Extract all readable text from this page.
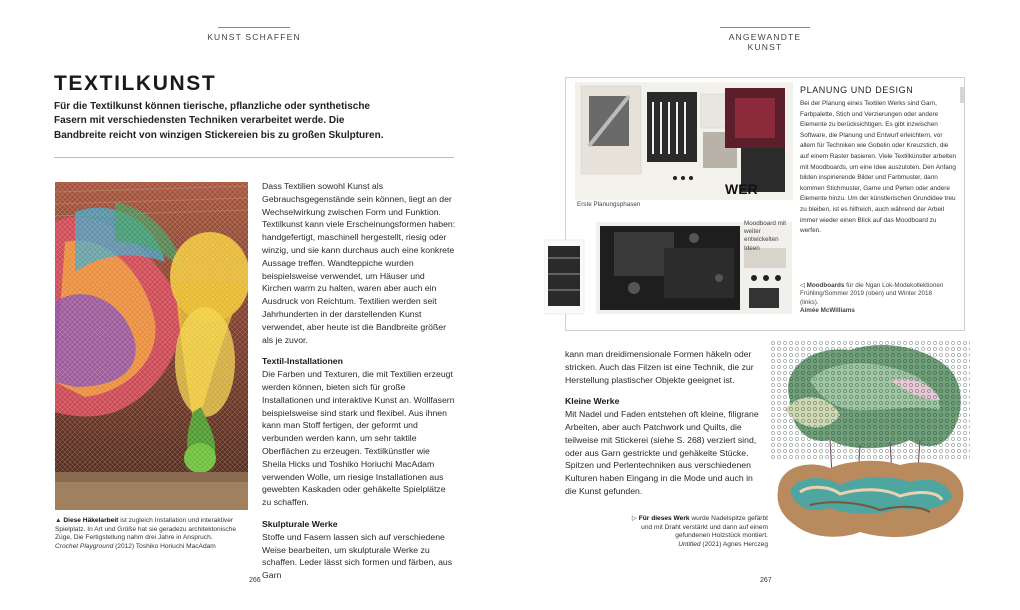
KUNST SCHAFFEN
TEXTILKUNST
Für die Textilkunst können tierische, pflanzliche oder synthetische Fasern mit verschiedensten Techniken verarbeitet werde. Die Bandbreite reicht von winzigen Stickereien bis zu großen Skulpturen.
▲ Diese Häkelarbeit ist zugleich Installation und interaktiver Spielplatz. In Art und Größe hat sie geradezu architektonische Züge, Die Fertigstellung nahm drei Jahre in Anspruch.
Crochet Playground (2012) Toshiko Horiuchi MacAdam

Dass Textilien sowohl Kunst als Gebrauchsgegenstände sein können, liegt an der Wechselwirkung zwischen Form und Funktion. Textilkunst kann viele Erscheinungsformen haben: handgefertigt, maschinell hergestellt, riesig oder winzig, und sie kann durchaus auch eine konkrete Aussage treffen. Wandteppiche wurden beispielsweise verwendet, um Häuser und Kirchen warm zu halten, waren aber auch ein Ausdruck von Reichtum. Textilien werden seit Jahrhunderten in der darstellenden Kunst verwendet, aber heute ist die Bandbreite größer als je zuvor.

Textil-Installationen

Die Farben und Texturen, die mit Textilien erzeugt werden können, bieten sich für große Installationen und interaktive Kunst an. Wollfasern beispielsweise sind stark und flexibel. Aus ihnen kann man Stoff fertigen, der geformt und verbunden werden kann, um sehr taktile Oberflächen zu erzeugen. Textilkünstler wie Sheila Hicks und Toshiko Horiuchi MacAdam verwenden Wolle, um riesige Installationen aus gewebten Kaskaden oder gehäkelte Spielplätze zu schaffen.

Skulpturale Werke

Stoffe und Fasern lassen sich auf verschiedene Weise bearbeiten, um skulpturale Werke zu schaffen. Leder lässt sich formen und färben, aus Garn

266
ANGEWANDTE KUNST
WER
Erste Planungsphasen
Moodboard mit weiter entwickelten Ideen
PLANUNG UND DESIGN
Bei der Planung eines Textilen Werks sind Garn, Farbpalette, Stich und Verzierungen oder andere Elemente zu berücksichtigen. Es gibt inzwischen Software, die Planung und Entwurf erleichtern, vor allem für Techniken wie Gobelin oder Kreuzstich, die auf einem Raster basieren. Viele Textilkünstler arbeiten mit Moodboards, um eine Idee auszuloten. Den Anfang bilden inspirierende Bilder und Farbmuster, dann kommen Stichmuster, Garne und Perlen oder andere Elemente hinzu. Um der künstlerischen Grundidee treu zu bleiben, ist es hilfreich, auch während der Arbeit immer wieder einen Blick auf das Moodboard zu werfen.
◁ Moodboards für die Ngan Lok-Modekollektionen Frühling/Sommer 2019 (oben) und Winter 2018 (links).
Aimée McWilliams

kann man dreidimensionale Formen häkeln oder stricken. Auch das Filzen ist eine Technik, die zur Herstellung plastischer Objekte geeignet ist.

Kleine Werke

Mit Nadel und Faden entstehen oft kleine, filigrane Arbeiten, aber auch Patchwork und Quilts, die teilweise mit Stickerei (siehe S. 268) verziert sind, oder aus Garn gestrickte und gehäkelte Stücke. Spitzen und Perlentechniken aus verschiedenen Kulturen haben Eingang in die Mode und auch in die Kunst gefunden.

▷ Für dieses Werk wurde Nadelspitze gefärbt und mit Draht verstärkt und dann auf einem gefundenen Holzstück montiert.
Untitled (2021) Agnes Herczeg
267
